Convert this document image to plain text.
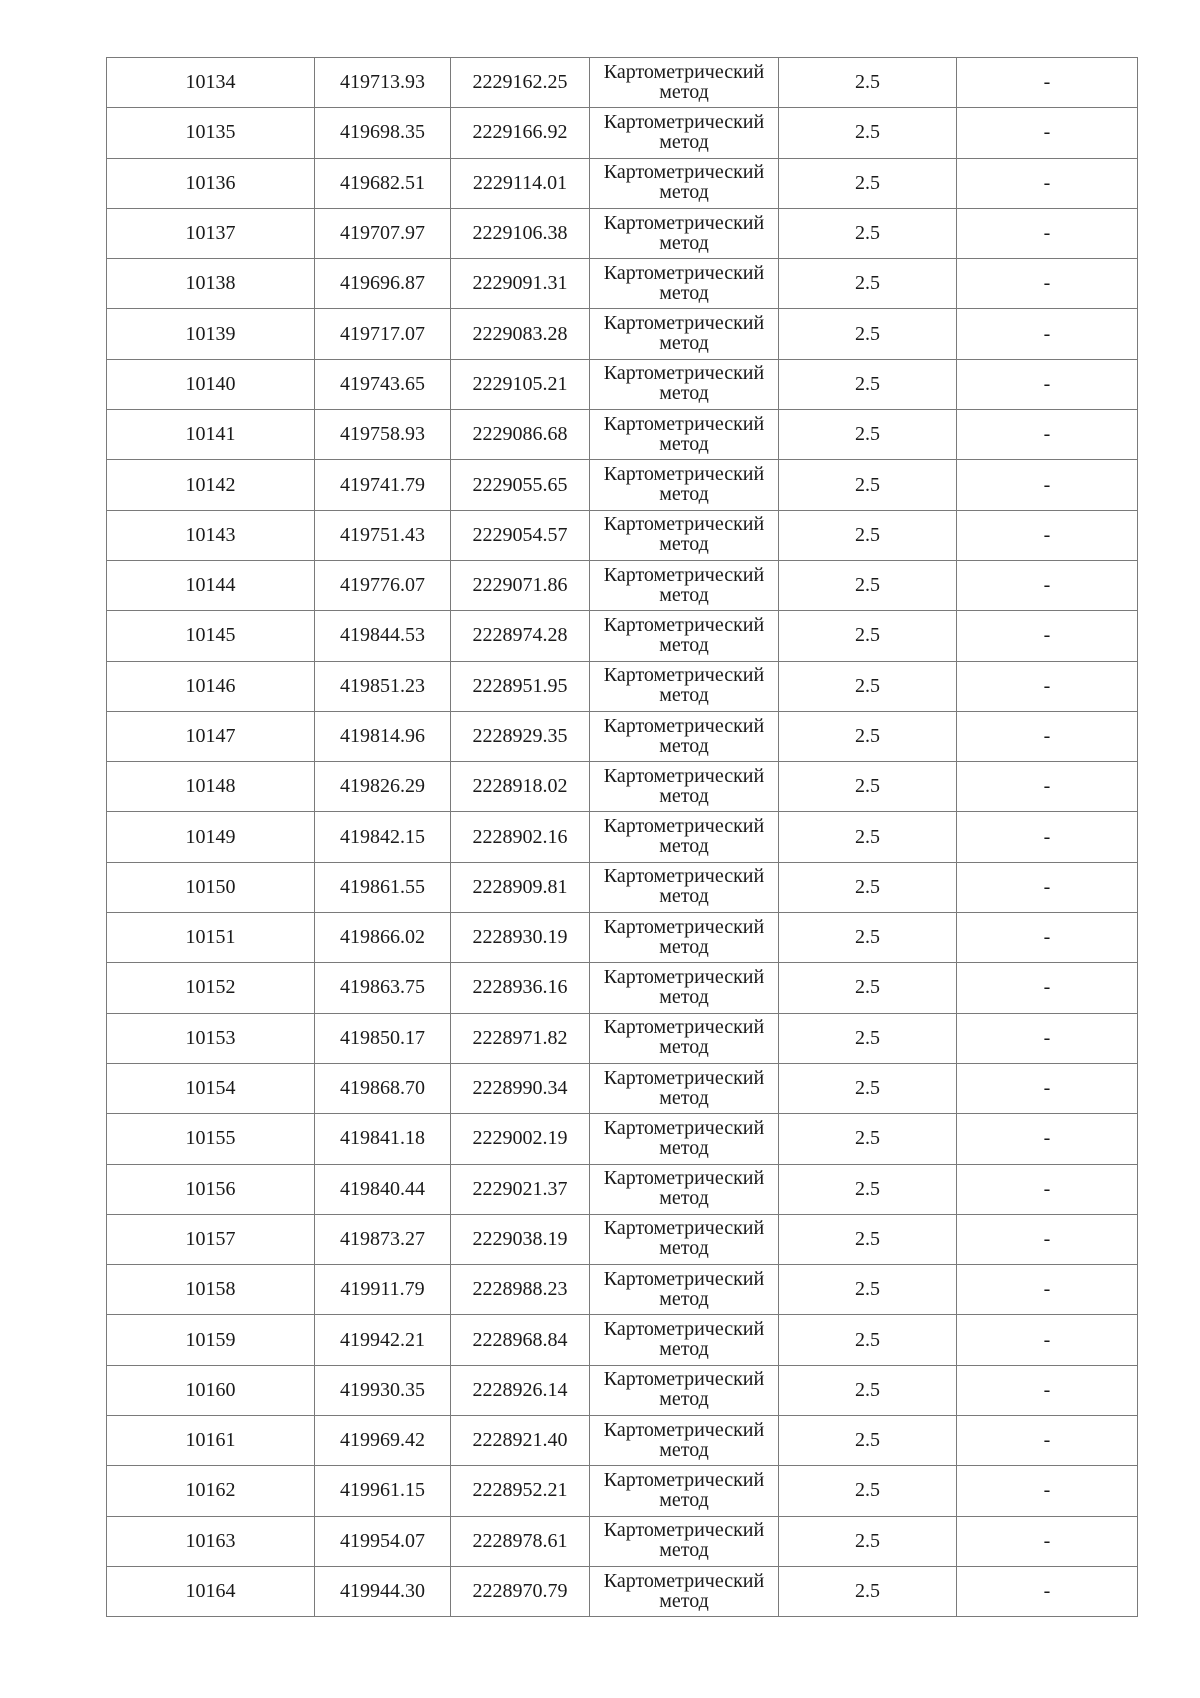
10134	419713.93	2229162.25	Картометрический
метод	2.5	-
10135	419698.35	2229166.92	Картометрический
метод	2.5	-
10136	419682.51	2229114.01	Картометрический
метод	2.5	-
10137	419707.97	2229106.38	Картометрический
метод	2.5	-
10138	419696.87	2229091.31	Картометрический
метод	2.5	-
10139	419717.07	2229083.28	Картометрический
метод	2.5	-
10140	419743.65	2229105.21	Картометрический
метод	2.5	-
10141	419758.93	2229086.68	Картометрический
метод	2.5	-
10142	419741.79	2229055.65	Картометрический
метод	2.5	-
10143	419751.43	2229054.57	Картометрический
метод	2.5	-
10144	419776.07	2229071.86	Картометрический
метод	2.5	-
10145	419844.53	2228974.28	Картометрический
метод	2.5	-
10146	419851.23	2228951.95	Картометрический
метод	2.5	-
10147	419814.96	2228929.35	Картометрический
метод	2.5	-
10148	419826.29	2228918.02	Картометрический
метод	2.5	-
10149	419842.15	2228902.16	Картометрический
метод	2.5	-
10150	419861.55	2228909.81	Картометрический
метод	2.5	-
10151	419866.02	2228930.19	Картометрический
метод	2.5	-
10152	419863.75	2228936.16	Картометрический
метод	2.5	-
10153	419850.17	2228971.82	Картометрический
метод	2.5	-
10154	419868.70	2228990.34	Картометрический
метод	2.5	-
10155	419841.18	2229002.19	Картометрический
метод	2.5	-
10156	419840.44	2229021.37	Картометрический
метод	2.5	-
10157	419873.27	2229038.19	Картометрический
метод	2.5	-
10158	419911.79	2228988.23	Картометрический
метод	2.5	-
10159	419942.21	2228968.84	Картометрический
метод	2.5	-
10160	419930.35	2228926.14	Картометрический
метод	2.5	-
10161	419969.42	2228921.40	Картометрический
метод	2.5	-
10162	419961.15	2228952.21	Картометрический
метод	2.5	-
10163	419954.07	2228978.61	Картометрический
метод	2.5	-
10164	419944.30	2228970.79	Картометрический
метод	2.5	-
